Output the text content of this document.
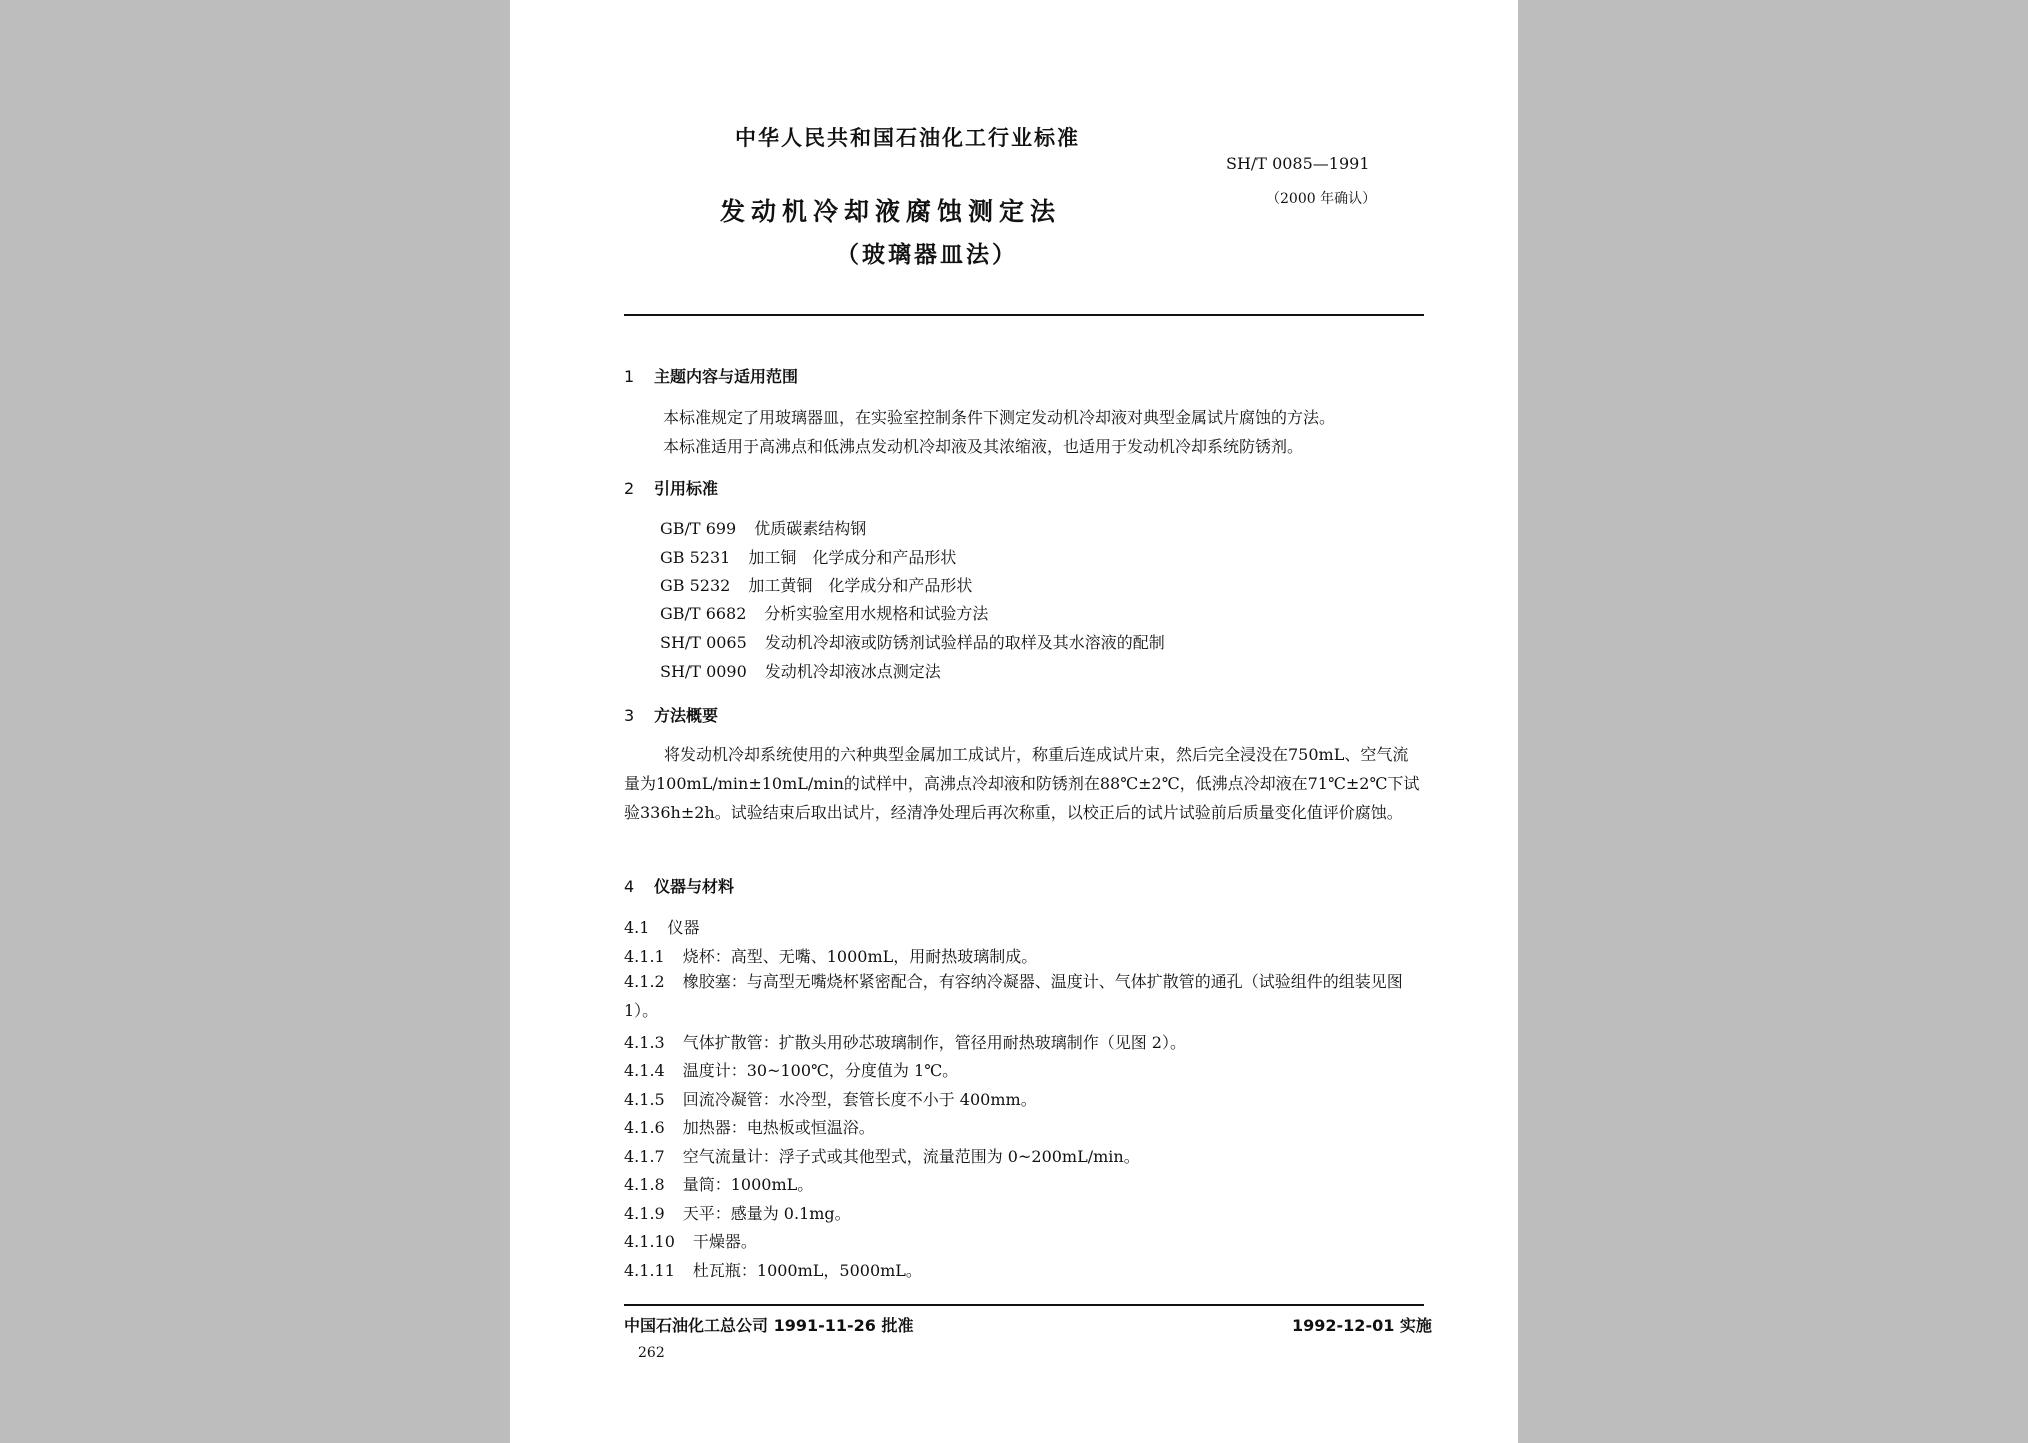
中华人民共和国石油化工行业标准
SH/T 0085—1991
（2000 年确认）
发动机冷却液腐蚀测定法
（玻璃器皿法）
1 主题内容与适用范围
本标准规定了用玻璃器皿，在实验室控制条件下测定发动机冷却液对典型金属试片腐蚀的方法。
本标准适用于高沸点和低沸点发动机冷却液及其浓缩液，也适用于发动机冷却系统防锈剂。
2 引用标准
GB/T 699 优质碳素结构钢
GB 5231 加工铜　化学成分和产品形状
GB 5232 加工黄铜　化学成分和产品形状
GB/T 6682 分析实验室用水规格和试验方法
SH/T 0065 发动机冷却液或防锈剂试验样品的取样及其水溶液的配制
SH/T 0090 发动机冷却液冰点测定法
3 方法概要
将发动机冷却系统使用的六种典型金属加工成试片，称重后连成试片束，然后完全浸没在750mL、空气流量为100mL/min±10mL/min的试样中，高沸点冷却液和防锈剂在88℃±2℃，低沸点冷却液在71℃±2℃下试验336h±2h。试验结束后取出试片，经清净处理后再次称重，以校正后的试片试验前后质量变化值评价腐蚀。
4 仪器与材料
4.1 仪器
4.1.1 烧杯：高型、无嘴、1000mL，用耐热玻璃制成。
4.1.2 橡胶塞：与高型无嘴烧杯紧密配合，有容纳冷凝器、温度计、气体扩散管的通孔（试验组件的组装见图 1）。
4.1.3 气体扩散管：扩散头用砂芯玻璃制作，管径用耐热玻璃制作（见图 2）。
4.1.4 温度计：30~100℃，分度值为 1℃。
4.1.5 回流冷凝管：水冷型，套管长度不小于 400mm。
4.1.6 加热器：电热板或恒温浴。
4.1.7 空气流量计：浮子式或其他型式，流量范围为 0~200mL/min。
4.1.8 量筒：1000mL。
4.1.9 天平：感量为 0.1mg。
4.1.10 干燥器。
4.1.11 杜瓦瓶：1000mL，5000mL。
中国石油化工总公司 1991-11-26 批准	1992-12-01 实施
262
